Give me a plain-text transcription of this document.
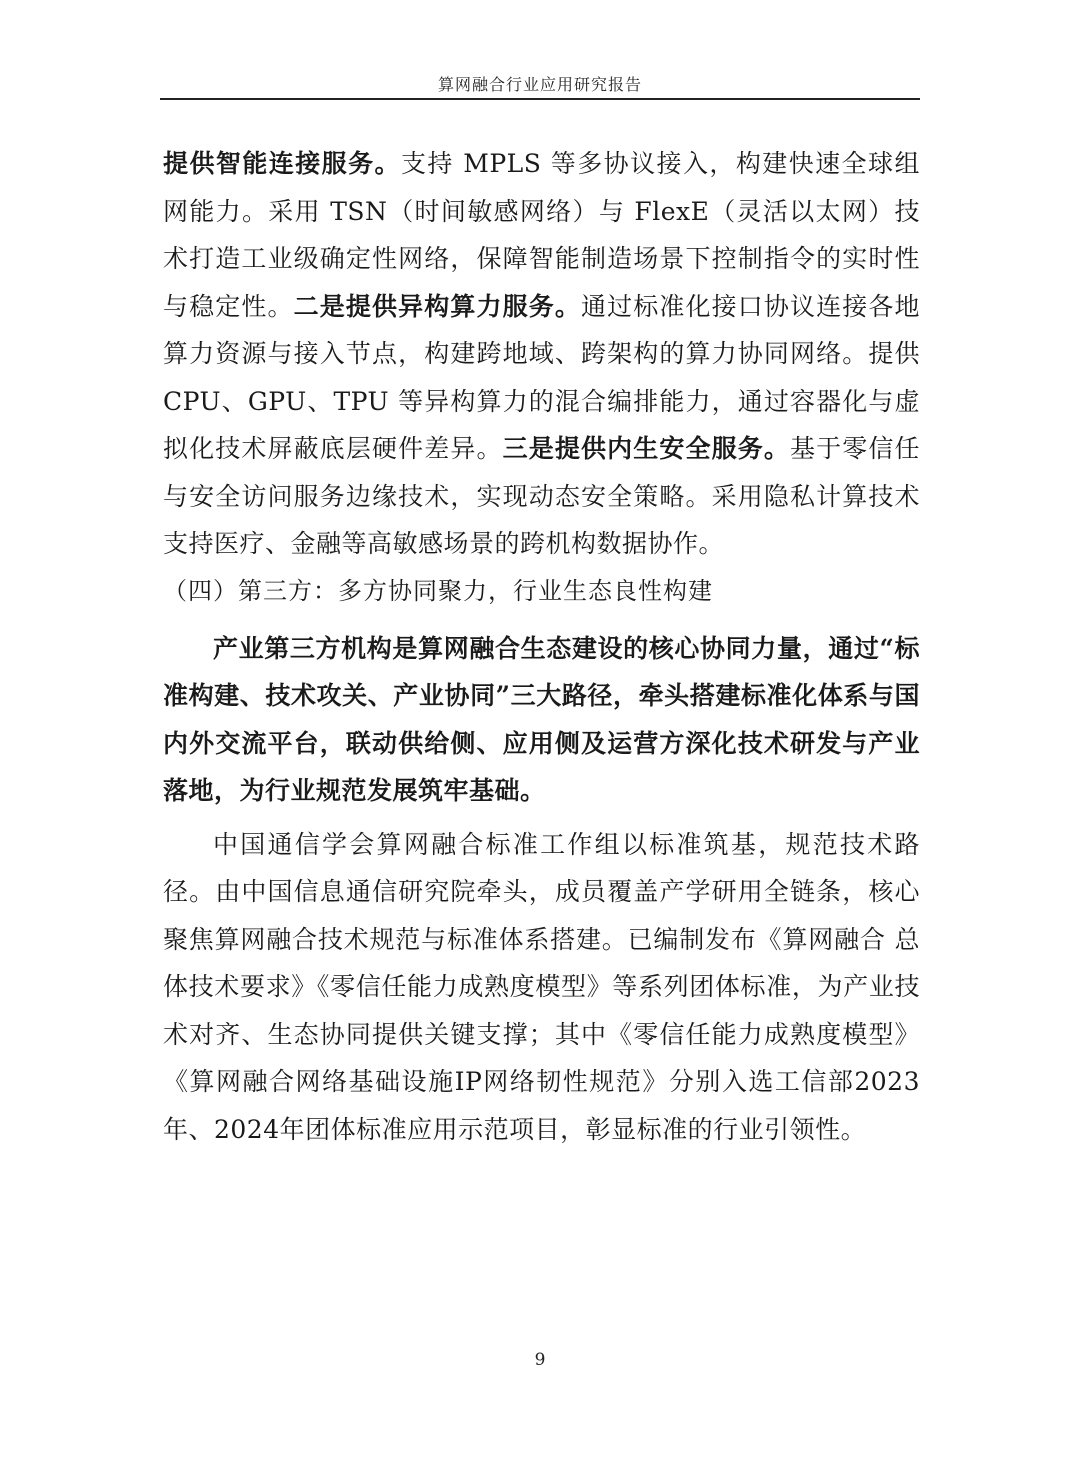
算网融合行业应用研究报告

提供智能连接服务。支持 MPLS 等多协议接入，构建快速全球组网能力。采用 TSN（时间敏感网络）与 FlexE（灵活以太网）技术打造工业级确定性网络，保障智能制造场景下控制指令的实时性与稳定性。二是提供异构算力服务。通过标准化接口协议连接各地算力资源与接入节点，构建跨地域、跨架构的算力协同网络。提供 CPU、GPU、TPU 等异构算力的混合编排能力，通过容器化与虚拟化技术屏蔽底层硬件差异。三是提供内生安全服务。基于零信任与安全访问服务边缘技术，实现动态安全策略。采用隐私计算技术支持医疗、金融等高敏感场景的跨机构数据协作。

（四）第三方：多方协同聚力，行业生态良性构建

产业第三方机构是算网融合生态建设的核心协同力量，通过“标准构建、技术攻关、产业协同”三大路径，牵头搭建标准化体系与国内外交流平台，联动供给侧、应用侧及运营方深化技术研发与产业落地，为行业规范发展筑牢基础。

中国通信学会算网融合标准工作组以标准筑基，规范技术路径。由中国信息通信研究院牵头，成员覆盖产学研用全链条，核心聚焦算网融合技术规范与标准体系搭建。已编制发布《算网融合 总体技术要求》《零信任能力成熟度模型》等系列团体标准，为产业技术对齐、生态协同提供关键支撑；其中《零信任能力成熟度模型》《算网融合网络基础设施IP网络韧性规范》分别入选工信部2023年、2024年团体标准应用示范项目，彰显标准的行业引领性。

9
